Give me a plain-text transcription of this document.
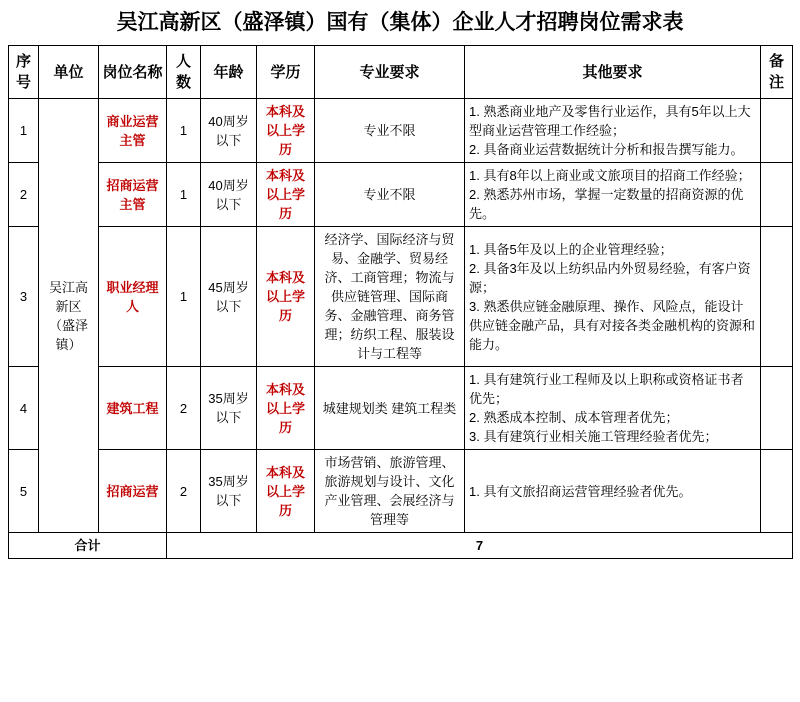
吴江高新区（盛泽镇）国有（集体）企业人才招聘岗位需求表
序号	单位	岗位名称	人数	年龄	学历	专业要求	其他要求	备注
1	吴江高新区（盛泽镇）	商业运营主管	1	40周岁以下	本科及以上学历	专业不限	1. 熟悉商业地产及零售行业运作，具有5年以上大型商业运营管理工作经验；
2. 具备商业运营数据统计分析和报告撰写能力。	

2		招商运营主管	1	40周岁以下	本科及以上学历	专业不限	1. 具有8年以上商业或文旅项目的招商工作经验；
2. 熟悉苏州市场，掌握一定数量的招商资源的优先。	

3		职业经理人	1	45周岁以下	本科及以上学历	经济学、国际经济与贸易、金融学、贸易经济、工商管理；物流与供应链管理、国际商务、金融管理、商务管理；纺织工程、服装设计与工程等	1. 具备5年及以上的企业管理经验；
2. 具备3年及以上纺织品内外贸易经验，有客户资源；
3. 熟悉供应链金融原理、操作、风险点，能设计供应链金融产品，具有对接各类金融机构的资源和能力。	

4		建筑工程	2	35周岁以下	本科及以上学历	城建规划类 建筑工程类	1. 具有建筑行业工程师及以上职称或资格证书者优先；
2. 熟悉成本控制、成本管理者优先；
3. 具有建筑行业相关施工管理经验者优先；	

5		招商运营	2	35周岁以下	本科及以上学历	市场营销、旅游管理、旅游规划与设计、文化产业管理、会展经济与管理等	1. 具有文旅招商运营管理经验者优先。	

合计			7					
